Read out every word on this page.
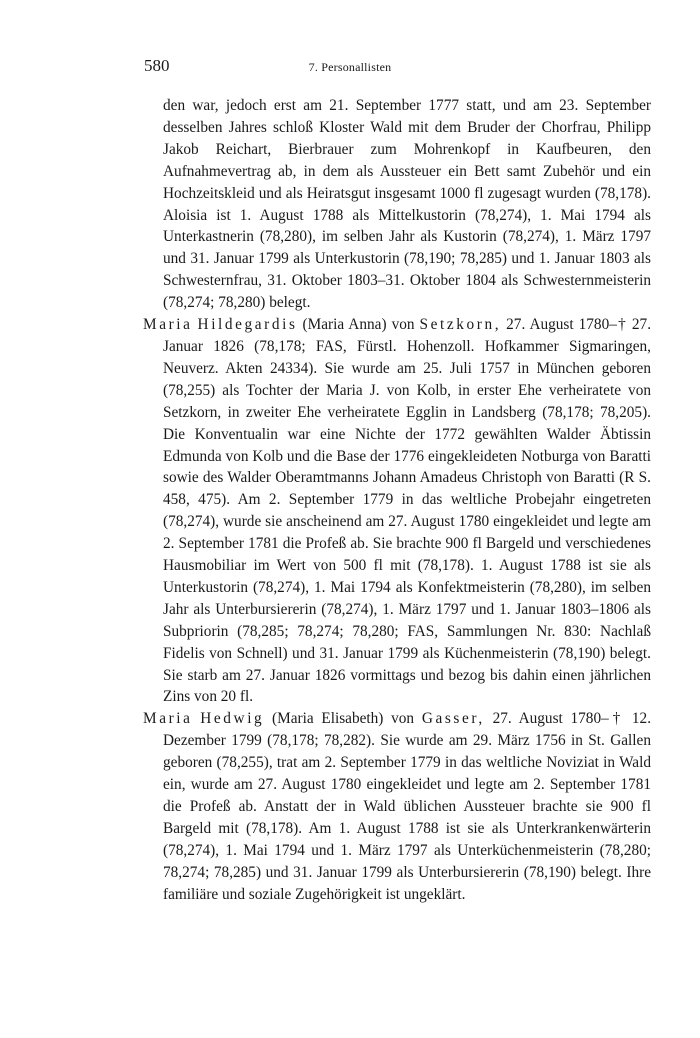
580	7. Personallisten

den war, jedoch erst am 21. September 1777 statt, und am 23. September desselben Jahres schloß Kloster Wald mit dem Bruder der Chorfrau, Philipp Jakob Reichart, Bierbrauer zum Mohrenkopf in Kaufbeuren, den Aufnahmevertrag ab, in dem als Aussteuer ein Bett samt Zubehör und ein Hochzeitskleid und als Heiratsgut insgesamt 1000 fl zugesagt wurden (78,178). Aloisia ist 1. August 1788 als Mittelkustorin (78,274), 1. Mai 1794 als Unterkastnerin (78,280), im selben Jahr als Kustorin (78,274), 1. März 1797 und 31. Januar 1799 als Unterkustorin (78,190; 78,285) und 1. Januar 1803 als Schwesternfrau, 31. Oktober 1803–31. Oktober 1804 als Schwesternmeisterin (78,274; 78,280) belegt.

Maria Hildegardis (Maria Anna) von Setzkorn, 27. August 1780–† 27. Januar 1826 (78,178; FAS, Fürstl. Hohenzoll. Hofkammer Sigmaringen, Neuverz. Akten 24334). Sie wurde am 25. Juli 1757 in München geboren (78,255) als Tochter der Maria J. von Kolb, in erster Ehe verheiratete von Setzkorn, in zweiter Ehe verheiratete Egglin in Landsberg (78,178; 78,205). Die Konventualin war eine Nichte der 1772 gewählten Walder Äbtissin Edmunda von Kolb und die Base der 1776 eingekleideten Notburga von Baratti sowie des Walder Oberamtmanns Johann Amadeus Christoph von Baratti (R S. 458, 475). Am 2. September 1779 in das weltliche Probejahr eingetreten (78,274), wurde sie anscheinend am 27. August 1780 eingekleidet und legte am 2. September 1781 die Profeß ab. Sie brachte 900 fl Bargeld und verschiedenes Hausmobiliar im Wert von 500 fl mit (78,178). 1. August 1788 ist sie als Unterkustorin (78,274), 1. Mai 1794 als Konfektmeisterin (78,280), im selben Jahr als Unterbursiererin (78,274), 1. März 1797 und 1. Januar 1803–1806 als Subpriorin (78,285; 78,274; 78,280; FAS, Sammlungen Nr. 830: Nachlaß Fidelis von Schnell) und 31. Januar 1799 als Küchenmeisterin (78,190) belegt. Sie starb am 27. Januar 1826 vormittags und bezog bis dahin einen jährlichen Zins von 20 fl.

Maria Hedwig (Maria Elisabeth) von Gasser, 27. August 1780–† 12. Dezember 1799 (78,178; 78,282). Sie wurde am 29. März 1756 in St. Gallen geboren (78,255), trat am 2. September 1779 in das weltliche Noviziat in Wald ein, wurde am 27. August 1780 eingekleidet und legte am 2. September 1781 die Profeß ab. Anstatt der in Wald üblichen Aussteuer brachte sie 900 fl Bargeld mit (78,178). Am 1. August 1788 ist sie als Unterkrankenwärterin (78,274), 1. Mai 1794 und 1. März 1797 als Unterküchenmeisterin (78,280; 78,274; 78,285) und 31. Januar 1799 als Unterbursiererin (78,190) belegt. Ihre familiäre und soziale Zugehörigkeit ist ungeklärt.
